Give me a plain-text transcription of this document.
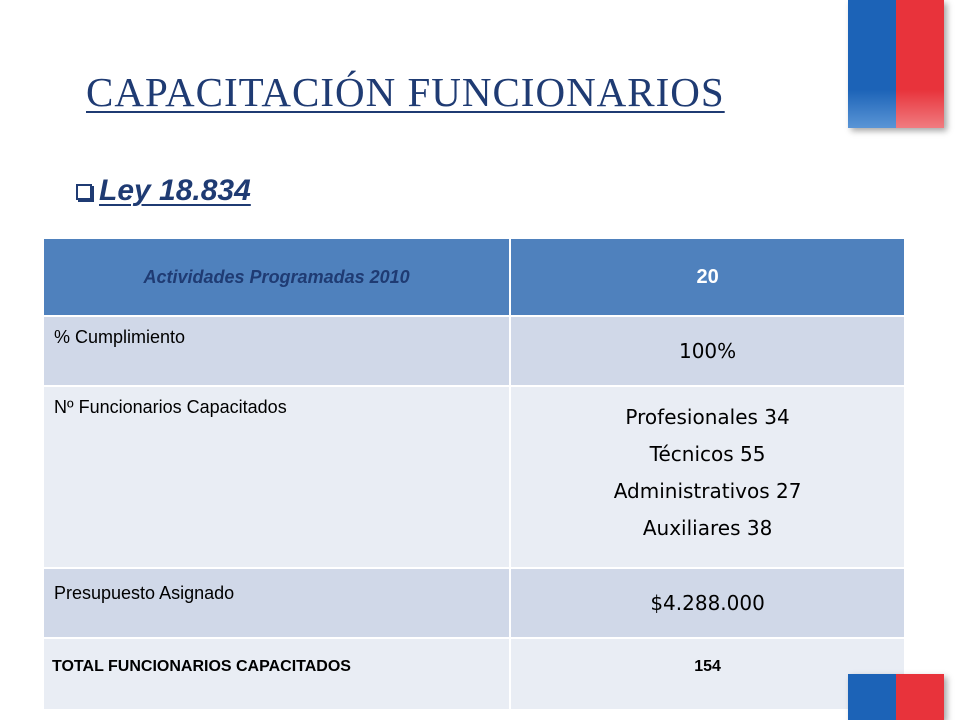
CAPACITACIÓN FUNCIONARIOS
Ley 18.834
Actividades Programadas 2010	20
% Cumplimiento	100%
Nº Funcionarios Capacitados	Profesionales 34
Técnicos 55
Administrativos 27
Auxiliares 38

Presupuesto Asignado	$4.288.000
TOTAL FUNCIONARIOS CAPACITADOS	154
